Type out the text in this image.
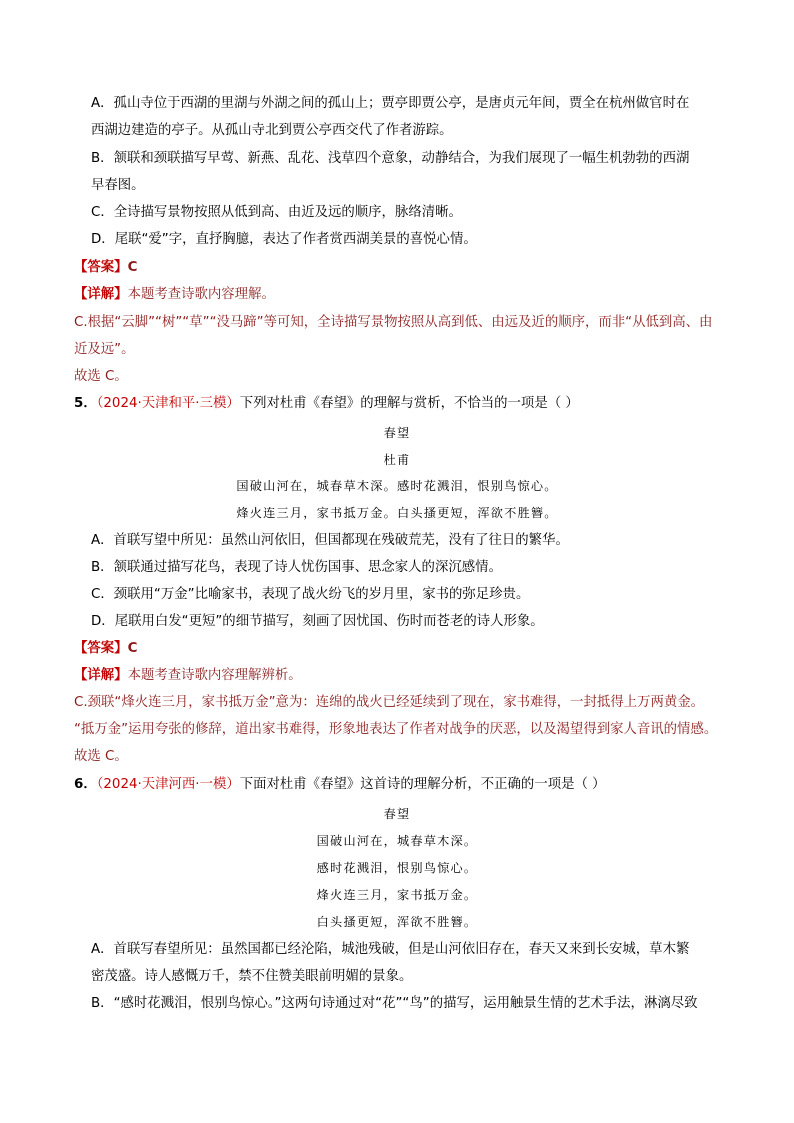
A．孤山寺位于西湖的里湖与外湖之间的孤山上；贾亭即贾公亭，是唐贞元年间，贾全在杭州做官时在
西湖边建造的亭子。从孤山寺北到贾公亭西交代了作者游踪。
B．颔联和颈联描写早莺、新燕、乱花、浅草四个意象，动静结合，为我们展现了一幅生机勃勃的西湖
早春图。
C．全诗描写景物按照从低到高、由近及远的顺序，脉络清晰。
D．尾联“爱”字，直抒胸臆，表达了作者赏西湖美景的喜悦心情。
【答案】C
【详解】本题考查诗歌内容理解。
C.根据“云脚”“树”“草”“没马蹄”等可知，全诗描写景物按照从高到低、由远及近的顺序，而非“从低到高、由
近及远”。
故选 C。
5．（2024·天津和平·三模）下列对杜甫《春望》的理解与赏析，不恰当的一项是（ ）
春望
杜甫
国破山河在，城春草木深。感时花溅泪，恨别鸟惊心。
烽火连三月，家书抵万金。白头搔更短，浑欲不胜簪。
A．首联写望中所见：虽然山河依旧，但国都现在残破荒芜，没有了往日的繁华。
B．颔联通过描写花鸟，表现了诗人忧伤国事、思念家人的深沉感情。
C．颈联用“万金”比喻家书，表现了战火纷飞的岁月里，家书的弥足珍贵。
D．尾联用白发“更短”的细节描写，刻画了因忧国、伤时而苍老的诗人形象。
【答案】C
【详解】本题考查诗歌内容理解辨析。
C.颈联“烽火连三月，家书抵万金”意为：连绵的战火已经延续到了现在，家书难得，一封抵得上万两黄金。
“抵万金”运用夸张的修辞，道出家书难得，形象地表达了作者对战争的厌恶，以及渴望得到家人音讯的情感。
故选 C。
6．（2024·天津河西·一模）下面对杜甫《春望》这首诗的理解分析，不正确的一项是（ ）
春望
国破山河在，城春草木深。
感时花溅泪，恨别鸟惊心。
烽火连三月，家书抵万金。
白头搔更短，浑欲不胜簪。
A．首联写春望所见：虽然国都已经沦陷，城池残破，但是山河依旧存在，春天又来到长安城，草木繁
密茂盛。诗人感慨万千，禁不住赞美眼前明媚的景象。
B．“感时花溅泪，恨别鸟惊心。”这两句诗通过对“花”“鸟”的描写，运用触景生情的艺术手法，淋漓尽致
